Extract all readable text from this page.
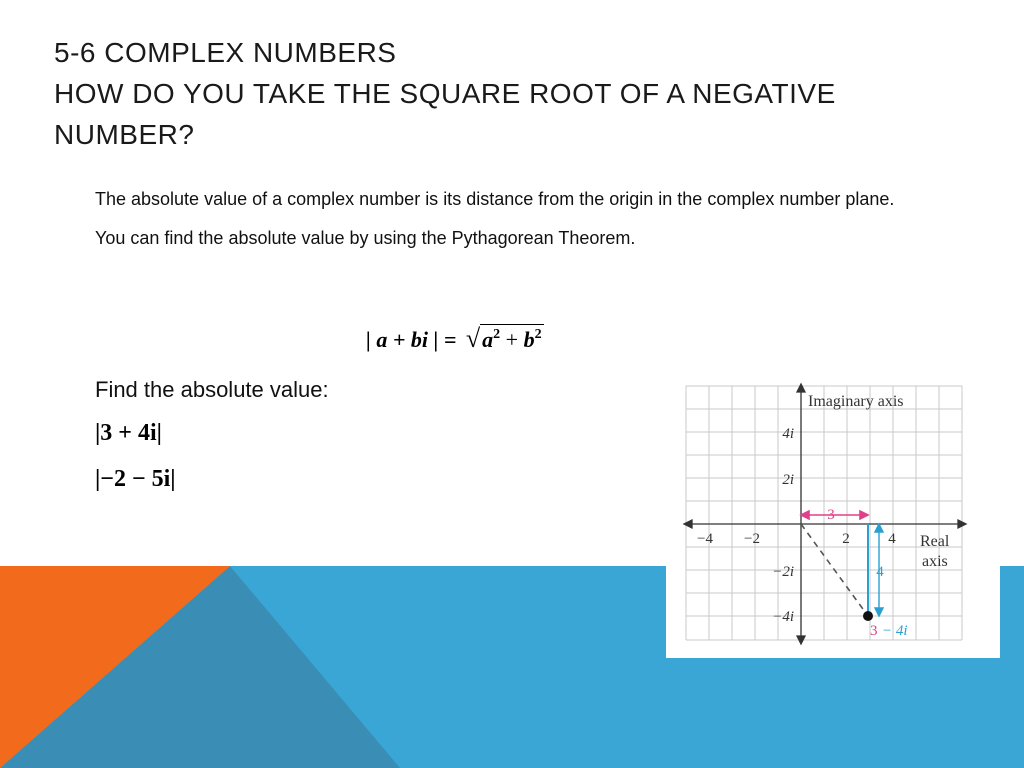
5-6 COMPLEX NUMBERS
HOW DO YOU TAKE THE SQUARE ROOT OF A NEGATIVE
NUMBER?

The absolute value of a complex number is its distance from the origin in the complex number plane.

You can find the absolute value by using the Pythagorean Theorem.

| a + bi | = $√a^2 + b^2$
Find the absolute value:
|3 + 4i|
|−2 − 5i|
Imaginary axis
Real
axis
4i
2i
−2i
−4i
−4 −2	2	4
3
4
3 − 4i
